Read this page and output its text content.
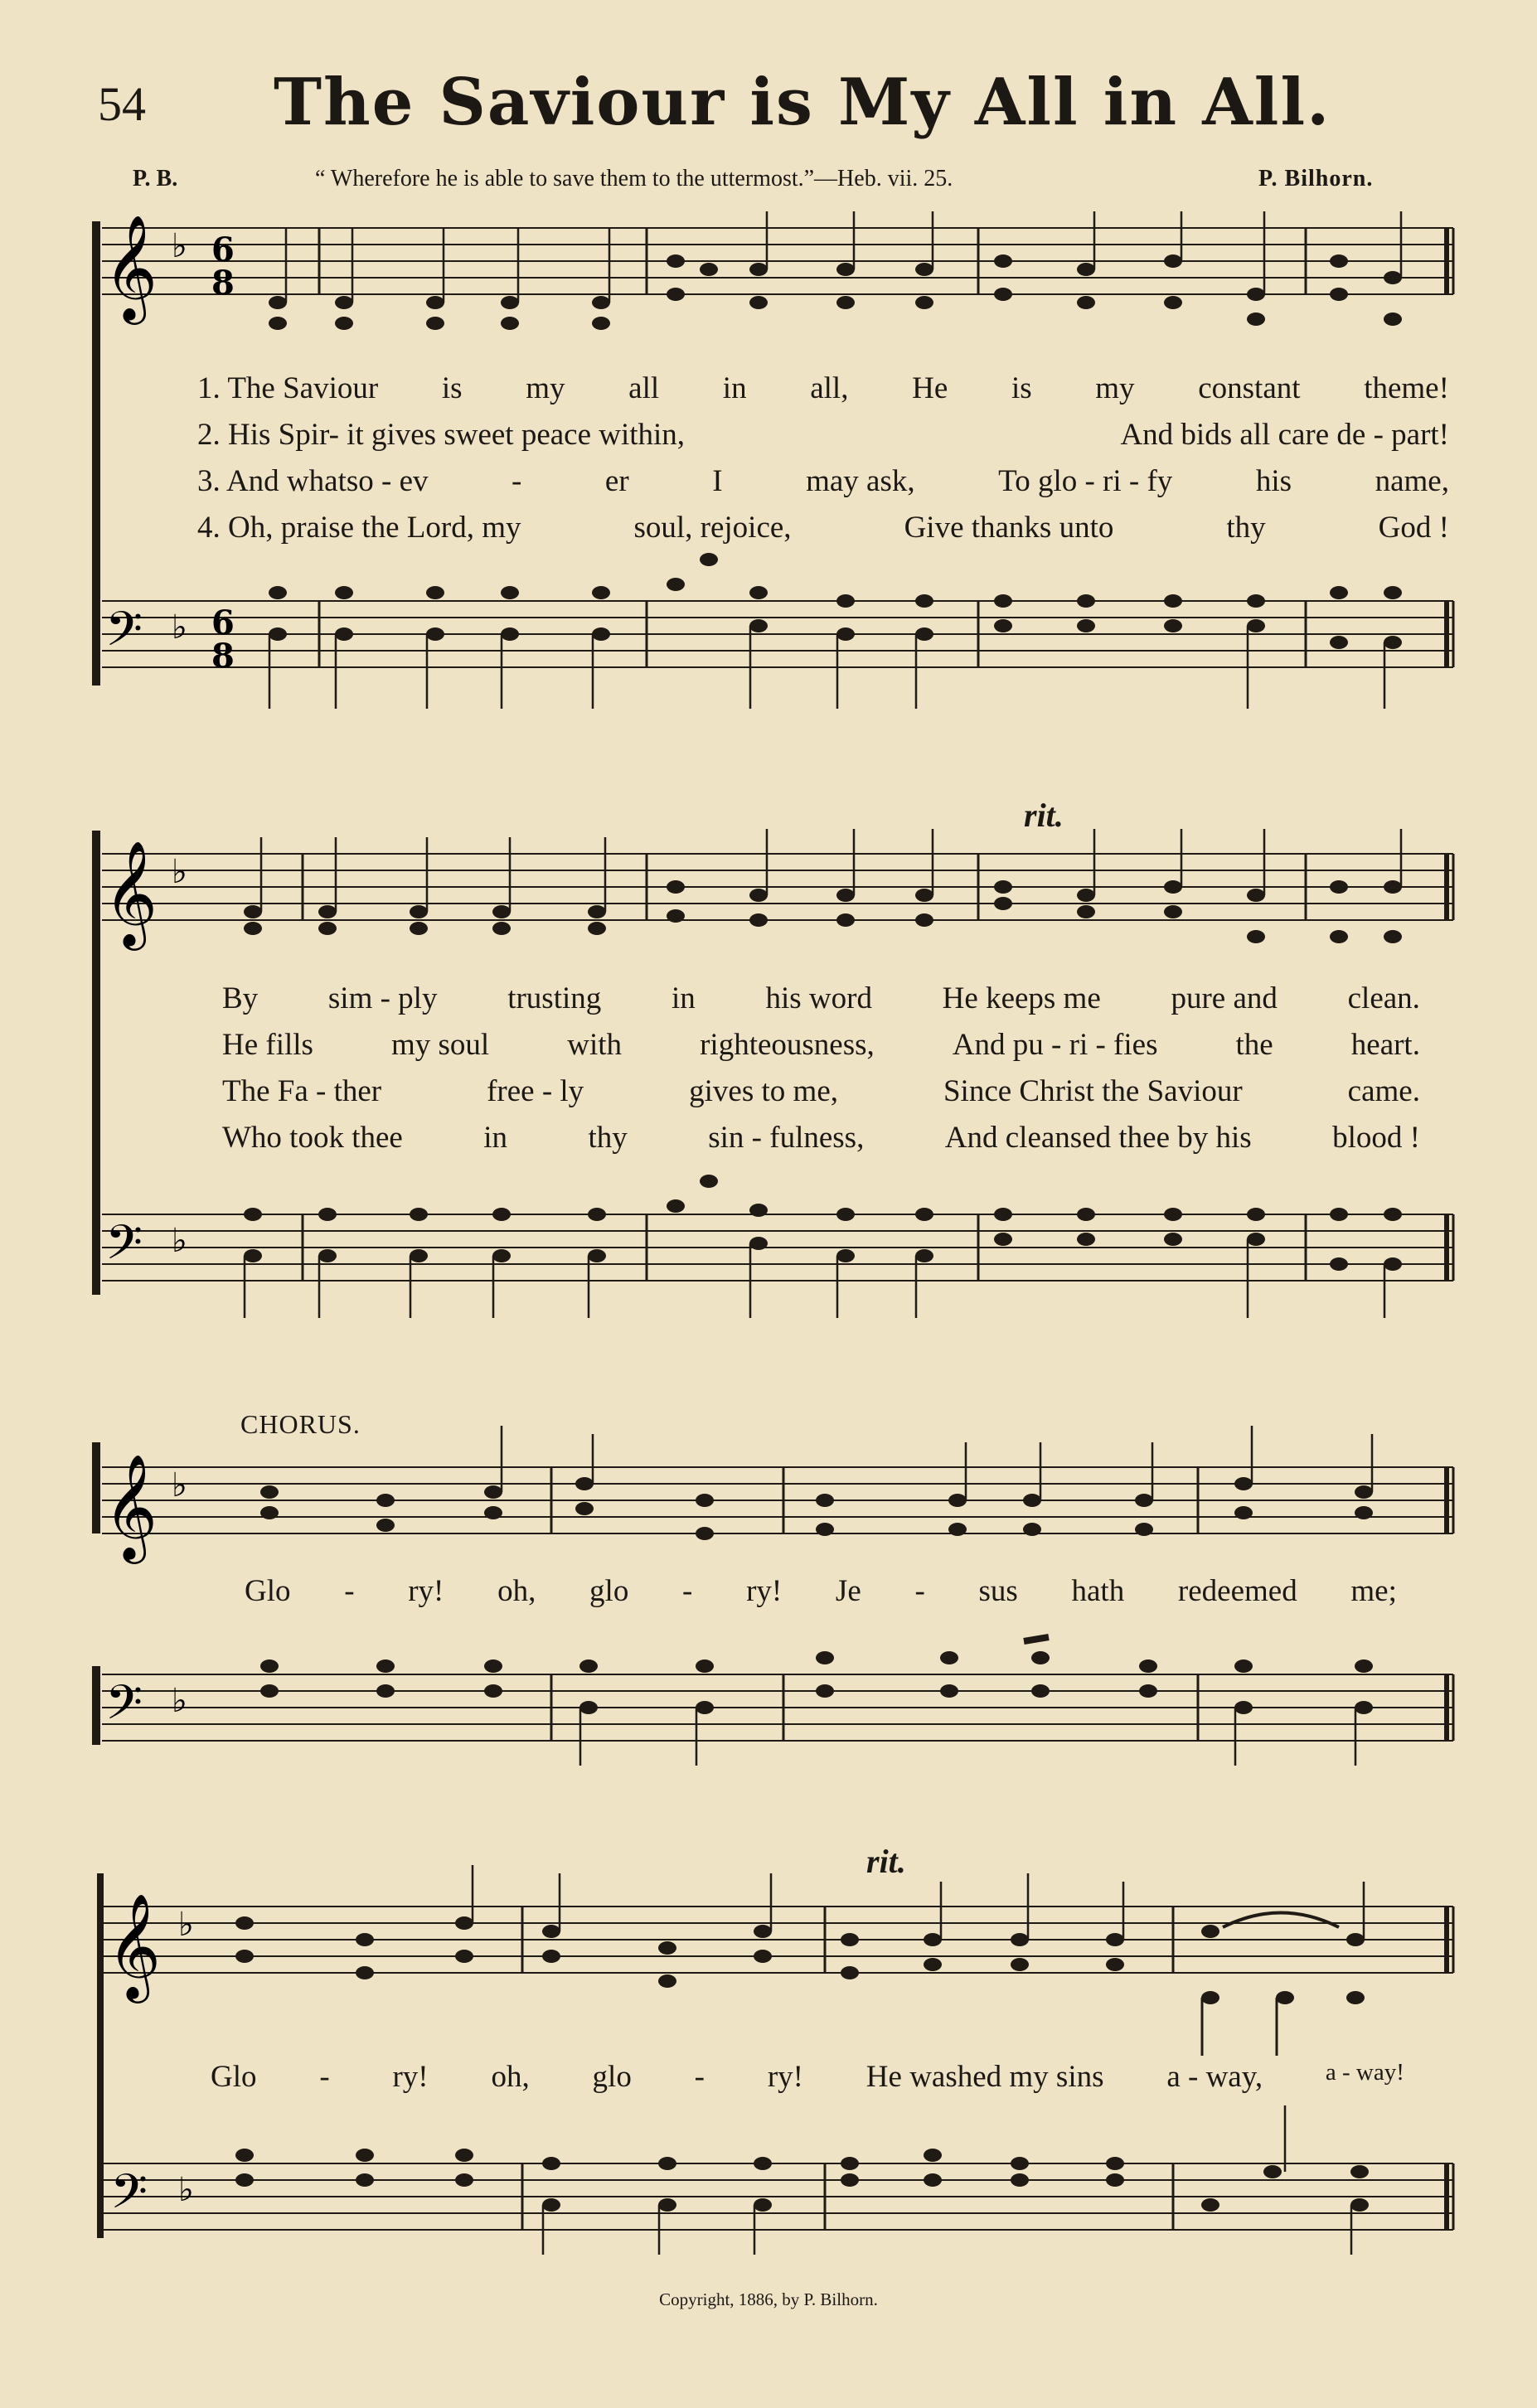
54 The Saviour is My All in All.
P. B.	“ Wherefore he is able to save them to the uttermost.”—Heb. vii. 25.	P. Bilhorn.
𝄞 ♭ 6
8
𝄢 ♭ 6
8
1. The Saviour is my all in all, He is my constant theme!
2. His Spir- it gives sweet peace within,	And bids all care de - part!
3. And whatso - ev	-	er	I	may ask,	To glo - ri - fy	his	name,
4. Oh, praise the Lord, my	soul, rejoice,	Give thanks unto	thy	God !
𝄞 ♭
𝄢 ♭
rit.
By sim - ply trusting in his word He keeps me pure and clean.
He fills	my soul	with	righteousness,	And pu - ri - fies	the	heart.
The Fa - ther	free - ly	gives to me,	Since Christ the Saviour	came.
Who took thee	in	thy	sin - fulness,	And cleansed thee by his	blood !
CHORUS.
𝄞 ♭
𝄢 ♭
Glo - ry! oh, glo - ry! Je - sus hath redeemed me;
𝄞 ♭
𝄢 ♭
rit.
Glo - ry! oh, glo - ry! He washed my sins a - way,	a - way!
Copyright, 1886, by P. Bilhorn.
